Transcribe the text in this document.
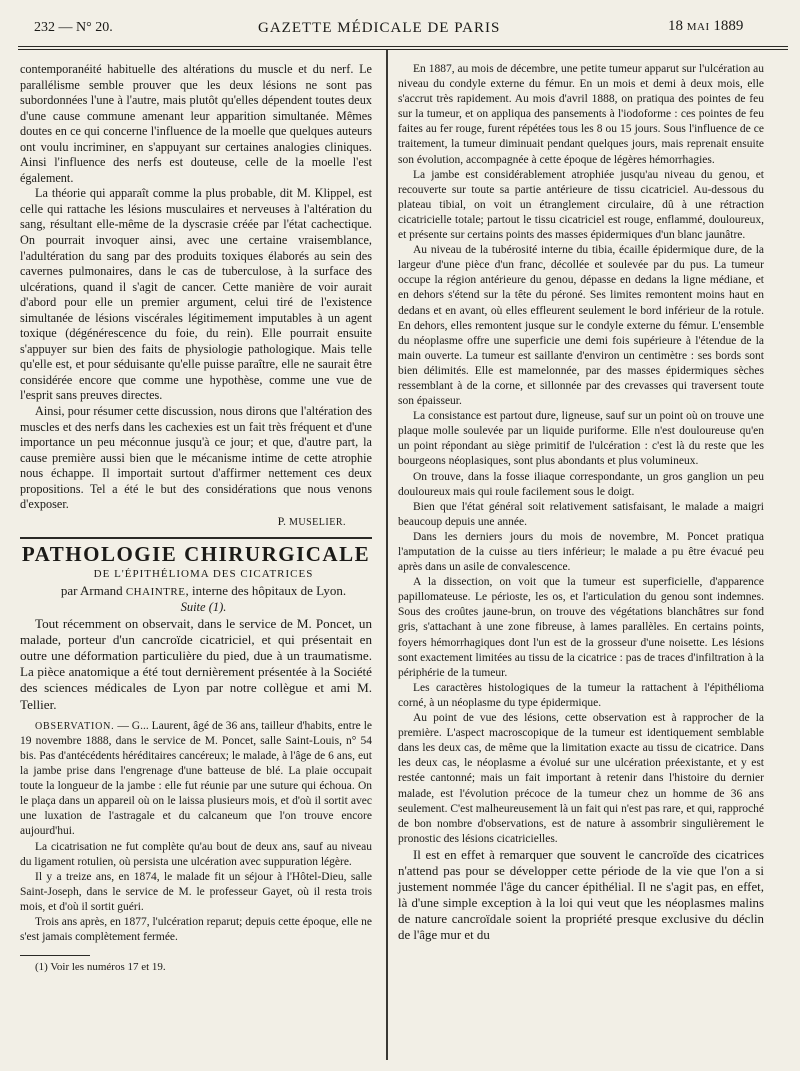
232 — N° 20.	GAZETTE MÉDICALE DE PARIS	18 MAI 1889

contemporanéité habituelle des altérations du muscle et du nerf. Le parallélisme semble prouver que les deux lésions ne sont pas subordonnées l'une à l'autre, mais plutôt qu'elles dépendent toutes deux d'une cause commune amenant leur apparition simultanée. Mêmes doutes en ce qui concerne l'influence de la moelle que quelques auteurs ont voulu incriminer, en s'appuyant sur certaines analogies cliniques. Ainsi l'influence des nerfs est douteuse, celle de la moelle l'est également.

La théorie qui apparaît comme la plus probable, dit M. Klippel, est celle qui rattache les lésions musculaires et nerveuses à l'altération du sang, résultant elle-même de la dyscrasie créée par l'état cachectique. On pourrait invoquer ainsi, avec une certaine vraisemblance, l'adultération du sang par des produits toxiques élaborés au sein des cavernes pulmonaires, dans le cas de tuberculose, à la surface des ulcérations, quand il s'agit de cancer. Cette manière de voir aurait d'abord pour elle un premier argument, celui tiré de l'existence simultanée de lésions viscérales légitimement imputables à un agent toxique (dégénérescence du foie, du rein). Elle pourrait ensuite s'appuyer sur bien des faits de physiologie pathologique. Mais telle qu'elle est, et pour séduisante qu'elle puisse paraître, elle ne saurait être considérée encore que comme une hypothèse, comme une vue de l'esprit sans preuves directes.

Ainsi, pour résumer cette discussion, nous dirons que l'altération des muscles et des nerfs dans les cachexies est un fait très fréquent et d'une importance un peu méconnue jusqu'à ce jour; et que, d'autre part, la cause première aussi bien que le mécanisme intime de cette atrophie nous échappe. Il importait surtout d'affirmer nettement ces deux propositions. Tel a été le but des considérations que nous venons d'exposer.

P. MUSELIER.
PATHOLOGIE CHIRURGICALE

DE L'ÉPITHÉLIOMA DES CICATRICES

par Armand CHAINTRE, interne des hôpitaux de Lyon.

Suite (1).

Tout récemment on observait, dans le service de M. Poncet, un malade, porteur d'un cancroïde cicatriciel, et qui présentait en outre une déformation particulière du pied, due à un traumatisme. La pièce anatomique a été tout dernièrement présentée à la Société des sciences médicales de Lyon par notre collègue et ami M. Tellier.

OBSERVATION. — G... Laurent, âgé de 36 ans, tailleur d'habits, entre le 19 novembre 1888, dans le service de M. Poncet, salle Saint-Louis, n° 54 bis. Pas d'antécédents héréditaires cancéreux; le malade, à l'âge de 6 ans, eut la jambe prise dans l'engrenage d'une batteuse de blé. La plaie occupait toute la longueur de la jambe : elle fut réunie par une suture qui échoua. On le plaça dans un appareil où on le laissa plusieurs mois, et d'où il sortit avec une luxation de l'astragale et du calcaneum que l'on trouve encore aujourd'hui.

La cicatrisation ne fut complète qu'au bout de deux ans, sauf au niveau du ligament rotulien, où persista une ulcération avec suppuration légère.

Il y a treize ans, en 1874, le malade fit un séjour à l'Hôtel-Dieu, salle Saint-Joseph, dans le service de M. le professeur Gayet, où il resta trois mois, et d'où il sortit guéri.

Trois ans après, en 1877, l'ulcération reparut; depuis cette époque, elle ne s'est jamais complètement fermée.

(1) Voir les numéros 17 et 19.

En 1887, au mois de décembre, une petite tumeur apparut sur l'ulcération au niveau du condyle externe du fémur. En un mois et demi à deux mois, elle s'accrut très rapidement. Au mois d'avril 1888, on pratiqua des pointes de feu sur la tumeur, et on appliqua des pansements à l'iodoforme : ces pointes de feu faites au fer rouge, furent répétées tous les 8 ou 15 jours. Sous l'influence de ce traitement, la tumeur diminuait pendant quelques jours, mais reprenait ensuite son évolution, accompagnée à cette époque de légères hémorrhagies.

La jambe est considérablement atrophiée jusqu'au niveau du genou, et recouverte sur toute sa partie antérieure de tissu cicatriciel. Au-dessous du plateau tibial, on voit un étranglement circulaire, dû à une rétraction cicatricielle totale; partout le tissu cicatriciel est rouge, enflammé, douloureux, et présente sur certains points des masses épidermiques d'un blanc jaunâtre.

Au niveau de la tubérosité interne du tibia, écaille épidermique dure, de la largeur d'une pièce d'un franc, décollée et soulevée par du pus. La tumeur occupe la région antérieure du genou, dépasse en dedans la ligne médiane, et en dehors s'étend sur la tête du péroné. Ses limites remontent moins haut en dedans et en avant, où elles effleurent seulement le bord inférieur de la rotule. En dehors, elles remontent jusque sur le condyle externe du fémur. L'ensemble du néoplasme offre une superficie une demi fois supérieure à l'étendue de la main ouverte. La tumeur est saillante d'environ un centimètre : ses bords sont bien délimités. Elle est mamelonnée, par des masses épidermiques sèches ressemblant à de la corne, et sillonnée par des crevasses qui traversent toute son épaisseur.

La consistance est partout dure, ligneuse, sauf sur un point où on trouve une plaque molle soulevée par un liquide puriforme. Elle n'est douloureuse qu'en un point répondant au siège primitif de l'ulcération : c'est là du reste que les bourgeons néoplasiques, sont plus abondants et plus volumineux.

On trouve, dans la fosse iliaque correspondante, un gros ganglion un peu douloureux mais qui roule facilement sous le doigt.

Bien que l'état général soit relativement satisfaisant, le malade a maigri beaucoup depuis une année.

Dans les derniers jours du mois de novembre, M. Poncet pratiqua l'amputation de la cuisse au tiers inférieur; le malade a pu être évacué peu après dans un asile de convalescence.

A la dissection, on voit que la tumeur est superficielle, d'apparence papillomateuse. Le périoste, les os, et l'articulation du genou sont indemnes. Sous des croûtes jaune-brun, on trouve des végétations blanchâtres sur fond gris, s'attachant à une zone fibreuse, à lames parallèles. En certains points, foyers hémorrhagiques dont l'un est de la grosseur d'une noisette. Les lésions sont exactement limitées au tissu de la cicatrice : pas de traces d'infiltration à la périphérie de la tumeur.

Les caractères histologiques de la tumeur la rattachent à l'épithélioma corné, à un néoplasme du type épidermique.

Au point de vue des lésions, cette observation est à rapprocher de la première. L'aspect macroscopique de la tumeur est identiquement semblable dans les deux cas, de même que la limitation exacte au tissu de cicatrice. Dans les deux cas, le néoplasme a évolué sur une ulcération préexistante, et y est restée cantonné; mais un fait important à retenir dans l'histoire du dernier malade, est l'évolution précoce de la tumeur chez un homme de 36 ans seulement. C'est malheureusement là un fait qui n'est pas rare, et qui, rapproché de bon nombre d'observations, est de nature à assombrir singulièrement le pronostic des lésions cicatricielles.

Il est en effet à remarquer que souvent le cancroïde des cicatrices n'attend pas pour se développer cette période de la vie que l'on a si justement nommée l'âge du cancer épithélial. Il ne s'agit pas, en effet, là d'une simple exception à la loi qui veut que les néoplasmes malins de nature cancroïdale soient la propriété presque exclusive du déclin de l'âge mur et du
